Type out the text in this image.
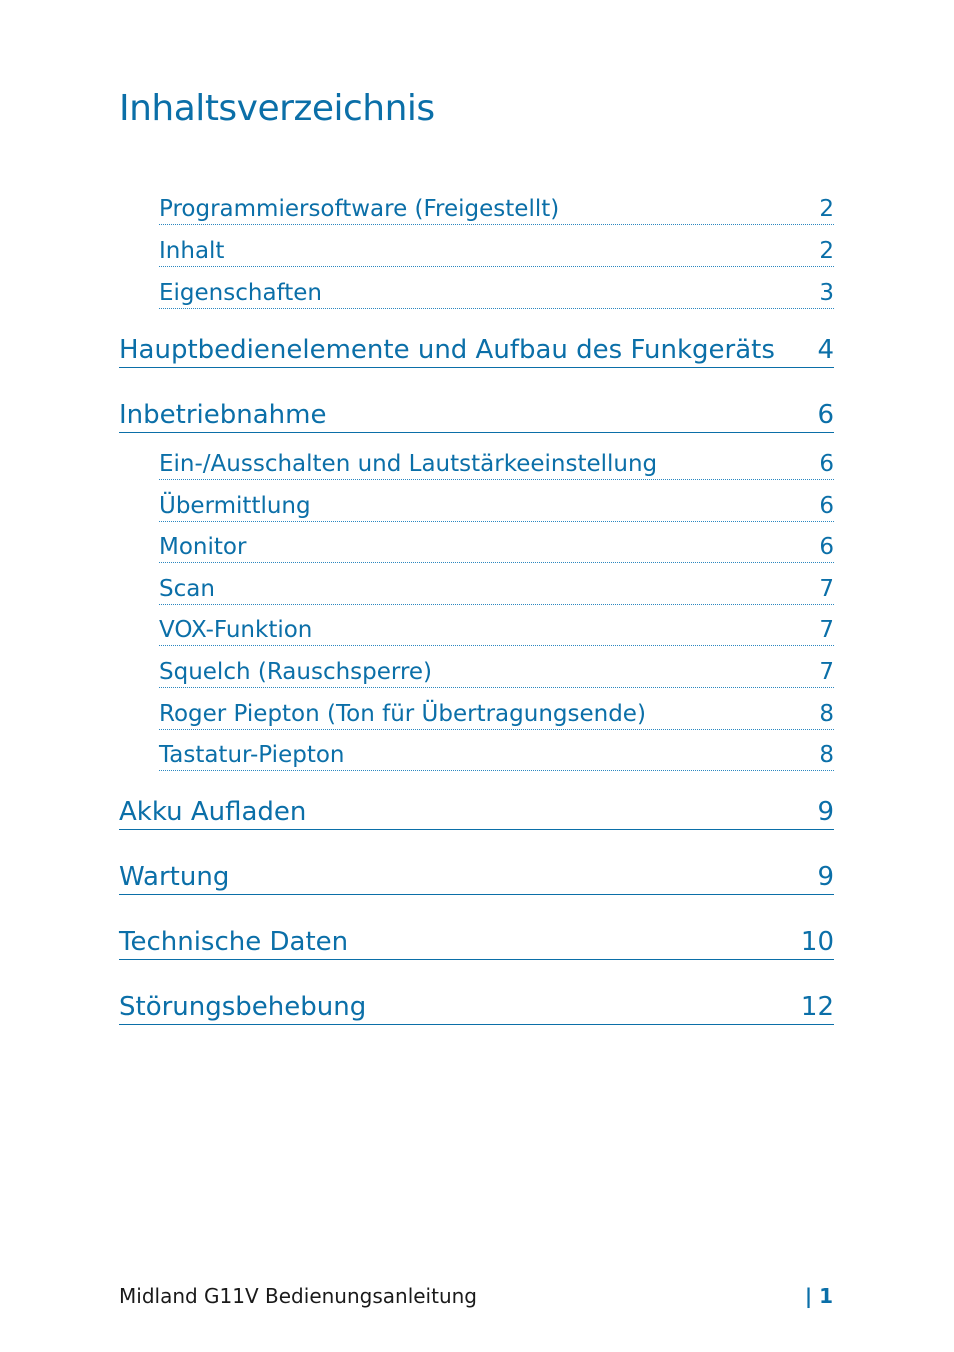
Inhaltsverzeichnis
Programmiersoftware (Freigestellt)	2
Inhalt	2
Eigenschaften	3
Hauptbedienelemente und Aufbau des Funkgeräts 4
Inbetriebnahme	6
Ein-/Ausschalten und Lautstärkeeinstellung	6
Übermittlung	6
Monitor	6
Scan	7
VOX-Funktion	7
Squelch (Rauschsperre)	7
Roger Piepton (Ton für Übertragungsende)	8
Tastatur-Piepton	8
Akku Aufladen	9
Wartung	9
Technische Daten	10
Störungsbehebung	12
Midland G11V Bedienungsanleitung	| 1
